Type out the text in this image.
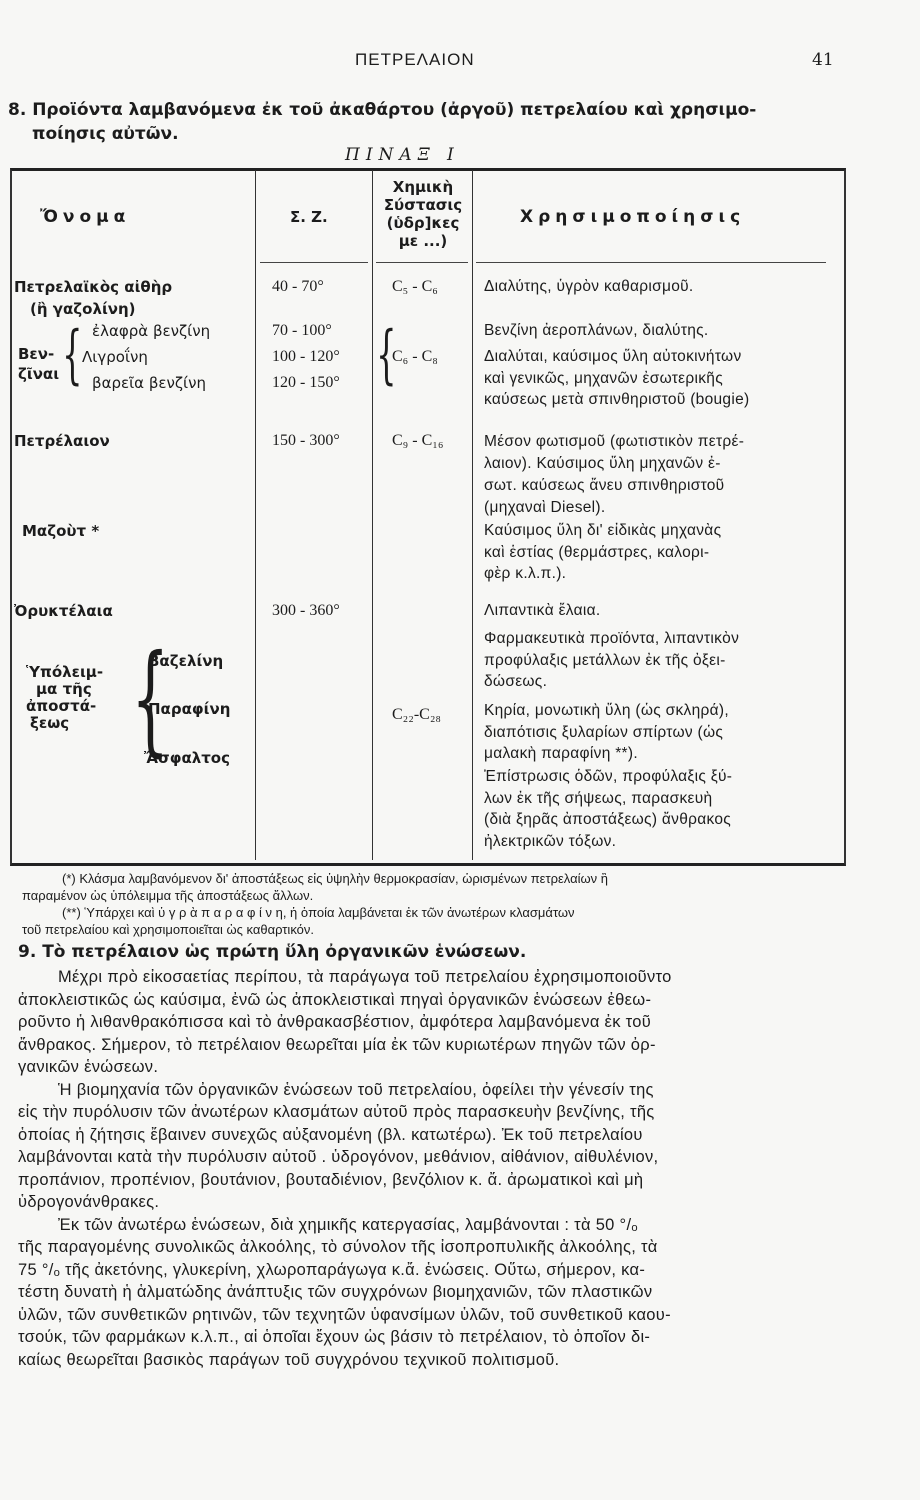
ΠΕΤΡΕΛΑΙΟΝ	41
8. Προϊόντα λαμβανόμενα ἐκ τοῦ ἀκαθάρτου (ἀργοῦ) πετρελαίου καὶ χρησιμο-
ποίησις αὐτῶν.
ΠΙΝΑΞ Ι
Ὄνομα	Σ. Ζ.
Χημικὴ
Σύστασις
(ὑδρ]κες
με ...)
Χρησιμοποίησις
Πετρελαϊκὸς αἰθὴρ
(ἢ γαζολίνη)
Βεν-
ζῖναι { ἐλαφρὰ βενζίνη
Λιγροΐνη
βαρεῖα βενζίνη
Πετρέλαιον
Μαζοὺτ *
Ὀρυκτέλαια
Ὑπόλειμ-
μα τῆς
ἀποστά-
ξεως {
Βαζελίνη
Παραφίνη
Ἄσφαλτος
40 - 70°
70 - 100°
100 - 120°
120 - 150°
150 - 300°
300 - 360°
C₅ - C₆
{
C₆ - C₈
C₉ - C₁₆
C₂₂-C₂₈
Διαλύτης, ὑγρὸν καθαρισμοῦ.
Βενζίνη ἀεροπλάνων, διαλύτης.
Διαλύται, καύσιμος ὕλη αὐτοκινήτων
καὶ γενικῶς, μηχανῶν ἐσωτερικῆς
καύσεως μετὰ σπινθηριστοῦ (bougie)
Μέσον φωτισμοῦ (φωτιστικὸν πετρέ-
λαιον). Καύσιμος ὕλη μηχανῶν ἐ-
σωτ. καύσεως ἄνευ σπινθηριστοῦ
(μηχαναὶ Diesel).
Καύσιμος ὕλη δι' εἰδικὰς μηχανὰς
καὶ ἑστίας (θερμάστρες, καλορι-
φὲρ κ.λ.π.).
Λιπαντικὰ ἔλαια.
Φαρμακευτικὰ προϊόντα, λιπαντικὸν
προφύλαξις μετάλλων ἐκ τῆς ὀξει-
δώσεως.
Κηρία, μονωτικὴ ὕλη (ὡς σκληρά),
διαπότισις ξυλαρίων σπίρτων (ὡς
μαλακὴ παραφίνη **).
Ἐπίστρωσις ὁδῶν, προφύλαξις ξύ-
λων ἐκ τῆς σήψεως, παρασκευὴ
(διὰ ξηρᾶς ἀποστάξεως) ἄνθρακος
ἠλεκτρικῶν τόξων.
(*) Κλάσμα λαμβανόμενον δι' ἀποστάξεως εἰς ὑψηλὴν θερμοκρασίαν, ὡρισμένων πετρελαίων ἢ
παραμένον ὡς ὑπόλειμμα τῆς ἀποστάξεως ἄλλων.
(**) Ὑπάρχει καὶ ὑ γ ρ ὰ π α ρ α φ ί ν η, ἡ ὁποία λαμβάνεται ἐκ τῶν ἀνωτέρων κλασμάτων
τοῦ πετρελαίου καὶ χρησιμοποιεῖται ὡς καθαρτικόν.
9. Τὸ πετρέλαιον ὡς πρώτη ὕλη ὀργανικῶν ἑνώσεων.
Μέχρι πρὸ εἰκοσαετίας περίπου, τὰ παράγωγα τοῦ πετρελαίου ἐχρησιμοποιοῦντο
ἀποκλειστικῶς ὡς καύσιμα, ἐνῶ ὡς ἀποκλειστικαὶ πηγαὶ ὀργανικῶν ἑνώσεων ἐθεω-
ροῦντο ἡ λιθανθρακόπισσα καὶ τὸ ἀνθρακασβέστιον, ἀμφότερα λαμβανόμενα ἐκ τοῦ
ἄνθρακος. Σήμερον, τὸ πετρέλαιον θεωρεῖται μία ἐκ τῶν κυριωτέρων πηγῶν τῶν ὀρ-
γανικῶν ἑνώσεων.
Ἡ βιομηχανία τῶν ὀργανικῶν ἑνώσεων τοῦ πετρελαίου, ὀφείλει τὴν γένεσίν της
εἰς τὴν πυρόλυσιν τῶν ἀνωτέρων κλασμάτων αὐτοῦ πρὸς παρασκευὴν βενζίνης, τῆς
ὁποίας ἡ ζήτησις ἔβαινεν συνεχῶς αὐξανομένη (βλ. κατωτέρω). Ἐκ τοῦ πετρελαίου
λαμβάνονται κατὰ τὴν πυρόλυσιν αὐτοῦ . ὑδρογόνον, μεθάνιον, αἰθάνιον, αἰθυλένιον,
προπάνιον, προπένιον, βουτάνιον, βουταδιένιον, βενζόλιον κ. ἄ. ἀρωματικοὶ καὶ μὴ
ὑδρογονάνθρακες.
Ἐκ τῶν ἀνωτέρω ἑνώσεων, διὰ χημικῆς κατεργασίας, λαμβάνονται : τὰ 50 °/ₒ
τῆς παραγομένης συνολικῶς ἀλκοόλης, τὸ σύνολον τῆς ἰσοπροπυλικῆς ἀλκοόλης, τὰ
75 °/ₒ τῆς ἀκετόνης, γλυκερίνη, χλωροπαράγωγα κ.ἄ. ἑνώσεις. Οὕτω, σήμερον, κα-
τέστη δυνατὴ ἡ ἁλματώδης ἀνάπτυξις τῶν συγχρόνων βιομηχανιῶν, τῶν πλαστικῶν
ὑλῶν, τῶν συνθετικῶν ρητινῶν, τῶν τεχνητῶν ὑφανσίμων ὑλῶν, τοῦ συνθετικοῦ καου-
τσούκ, τῶν φαρμάκων κ.λ.π., αἱ ὁποῖαι ἔχουν ὡς βάσιν τὸ πετρέλαιον, τὸ ὁποῖον δι-
καίως θεωρεῖται βασικὸς παράγων τοῦ συγχρόνου τεχνικοῦ πολιτισμοῦ.
